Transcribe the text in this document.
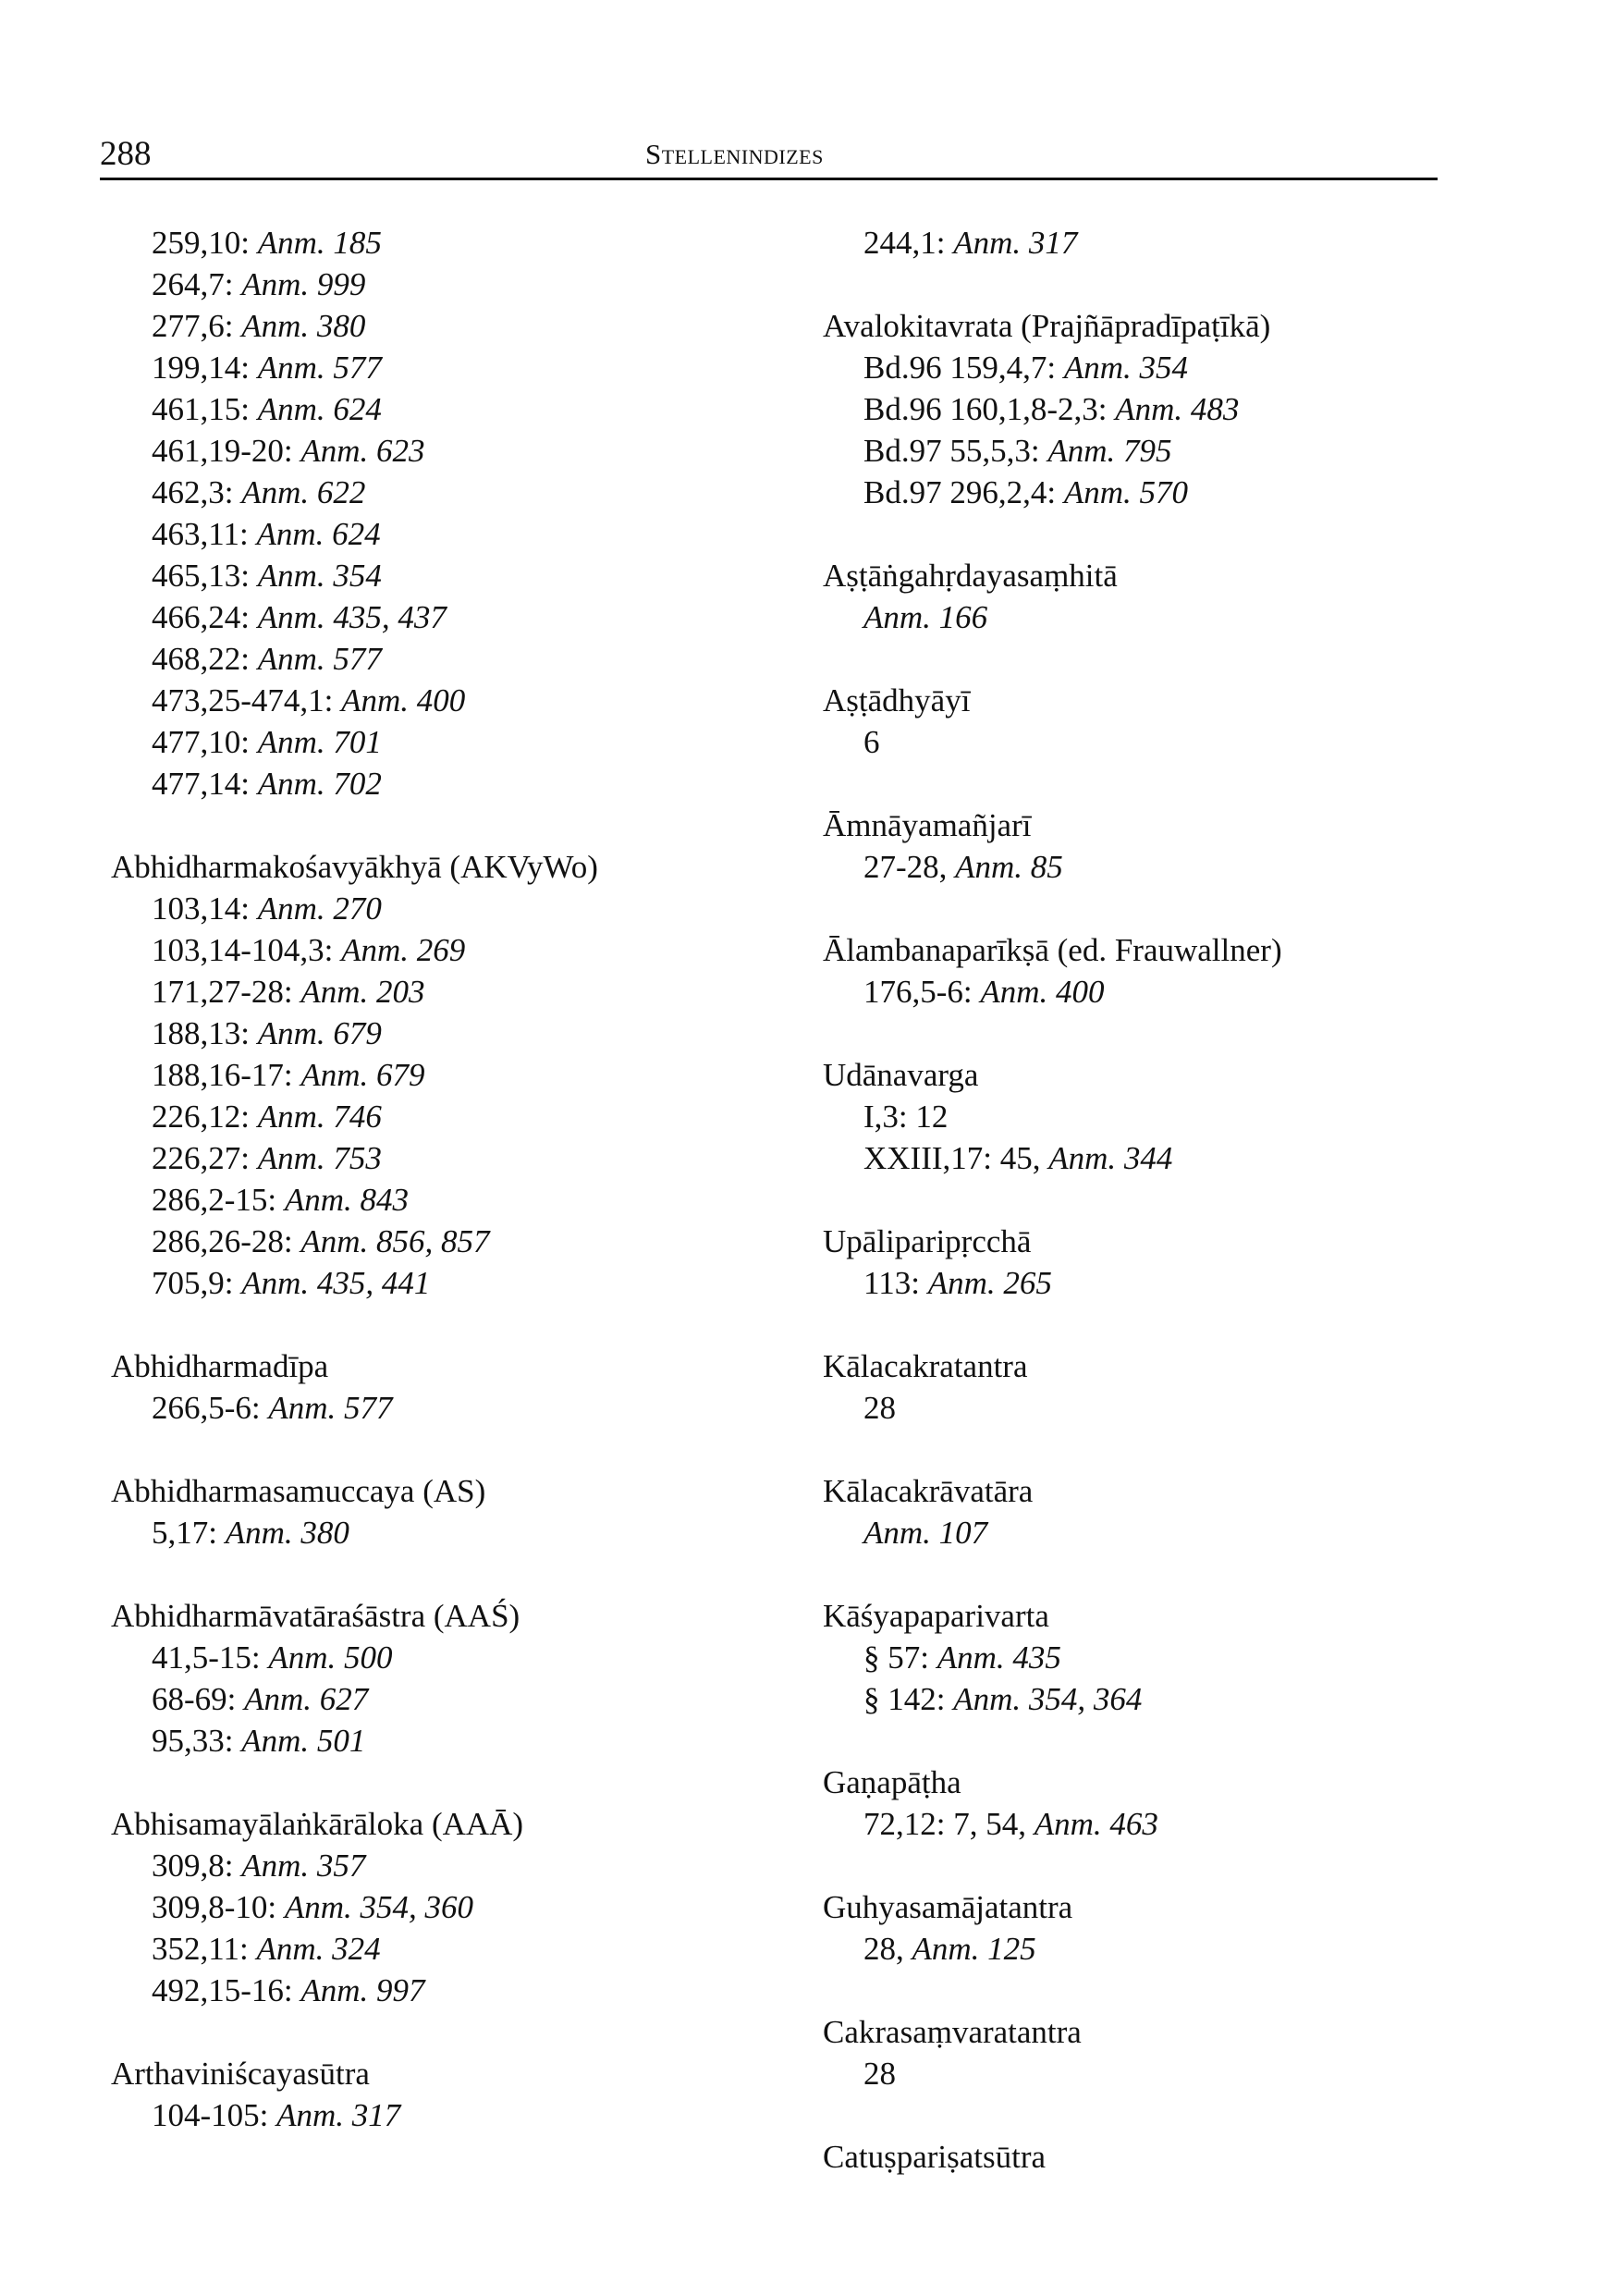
288	Stellenindizes
259,10: Anm. 185
264,7: Anm. 999
277,6: Anm. 380
199,14: Anm. 577
461,15: Anm. 624
461,19-20: Anm. 623
462,3: Anm. 622
463,11: Anm. 624
465,13: Anm. 354
466,24: Anm. 435, 437
468,22: Anm. 577
473,25-474,1: Anm. 400
477,10: Anm. 701
477,14: Anm. 702
Abhidharmakośavyākhyā (AKVyWo)
103,14: Anm. 270
103,14-104,3: Anm. 269
171,27-28: Anm. 203
188,13: Anm. 679
188,16-17: Anm. 679
226,12: Anm. 746
226,27: Anm. 753
286,2-15: Anm. 843
286,26-28: Anm. 856, 857
705,9: Anm. 435, 441
Abhidharmadīpa
266,5-6: Anm. 577
Abhidharmasamuccaya (AS)
5,17: Anm. 380
Abhidharmāvatāraśāstra (AAŚ)
41,5-15: Anm. 500
68-69: Anm. 627
95,33: Anm. 501
Abhisamayālaṅkārāloka (AAĀ)
309,8: Anm. 357
309,8-10: Anm. 354, 360
352,11: Anm. 324
492,15-16: Anm. 997
Arthaviniścayasūtra
104-105: Anm. 317
244,1: Anm. 317
Avalokitavrata (Prajñāpradīpaṭīkā)
Bd.96 159,4,7: Anm. 354
Bd.96 160,1,8-2,3: Anm. 483
Bd.97 55,5,3: Anm. 795
Bd.97 296,2,4: Anm. 570
Aṣṭāṅgahṛdayasaṃhitā
Anm. 166
Aṣṭādhyāyī
6
Āmnāyamañjarī
27-28, Anm. 85
Ālambanaparīkṣā (ed. Frauwallner)
176,5-6: Anm. 400
Udānavarga
I,3: 12
XXIII,17: 45, Anm. 344
Upāliparipṛcchā
113: Anm. 265
Kālacakratantra
28
Kālacakrāvatāra
Anm. 107
Kāśyapaparivarta
§ 57: Anm. 435
§ 142: Anm. 354, 364
Gaṇapāṭha
72,12: 7, 54, Anm. 463
Guhyasamājatantra
28, Anm. 125
Cakrasaṃvaratantra
28
Catuṣpariṣatsūtra
